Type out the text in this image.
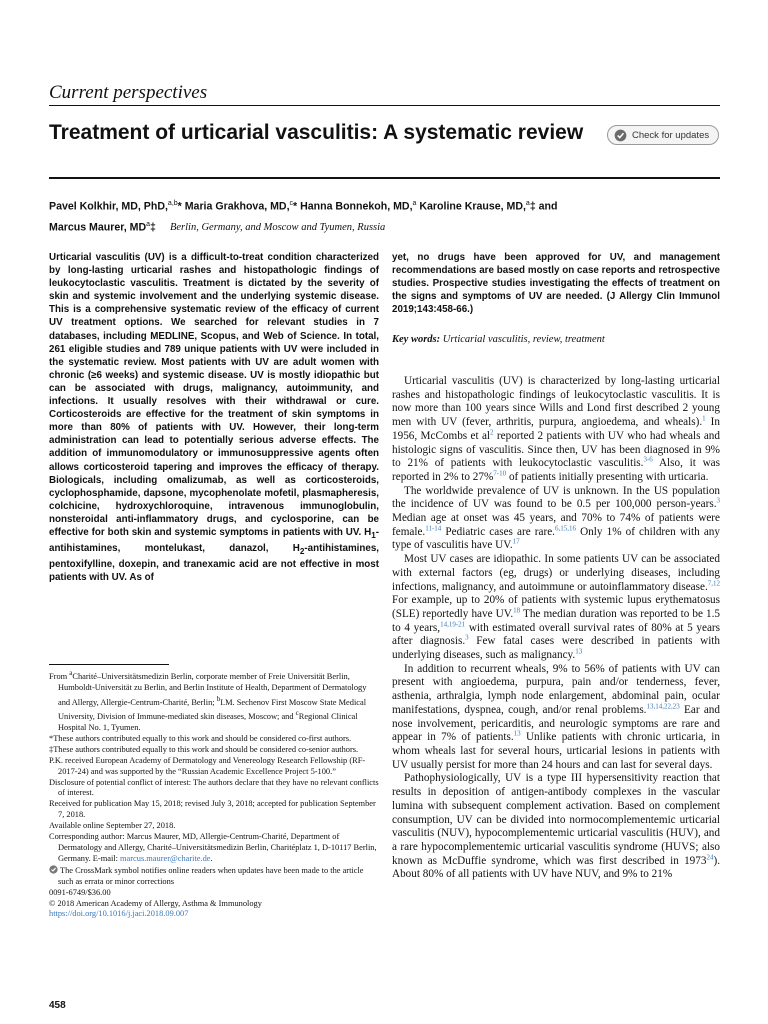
Current perspectives
Treatment of urticarial vasculitis: A systematic review	Check for updates
Pavel Kolkhir, MD, PhD,$^{a,b}$* Maria Grakhova, MD,$^c$* Hanna Bonnekoh, MD,$^a$ Karoline Krause, MD,$^a$‡ and
Marcus Maurer, $MD^a\ddagger$ Berlin, Germany, and Moscow and Tyumen, Russia
Urticarial vasculitis (UV) is a difficult-to-treat condition characterized by long-lasting urticarial rashes and histopathologic findings of leukocytoclastic vasculitis. Treatment is dictated by the severity of skin and systemic involvement and the underlying systemic disease. This is a comprehensive systematic review of the efficacy of current UV treatment options. We searched for relevant studies in 7 databases, including MEDLINE, Scopus, and Web of Science. In total, 261 eligible studies and 789 unique patients with UV were included in the systematic review. Most patients with UV are adult women with chronic (≥6 weeks) and systemic disease. UV is mostly idiopathic but can be associated with drugs, malignancy, autoimmunity, and infections. It usually resolves with their withdrawal or cure. Corticosteroids are effective for the treatment of skin symptoms in more than 80% of patients with UV. However, their long-term administration can lead to potentially serious adverse effects. The addition of immunomodulatory or immunosuppressive agents often allows corticosteroid tapering and improves the efficacy of therapy. Biologicals, including omalizumab, as well as corticosteroids, cyclophosphamide, dapsone, mycophenolate mofetil, plasmapheresis, colchicine, hydroxychloroquine, intravenous immunoglobulin, nonsteroidal anti-inflammatory drugs, and cyclosporine, can be effective for both skin and systemic symptoms in patients with UV. $H_1$-antihistamines, montelukast, danazol, $H_2$-antihistamines, pentoxifylline, doxepin, and tranexamic acid are not effective in most patients with UV. As of
yet, no drugs have been approved for UV, and management recommendations are based mostly on case reports and retrospective studies. Prospective studies investigating the effects of treatment on the signs and symptoms of UV are needed. (J Allergy Clin Immunol 2019;143:458-66.)
Key words: Urticarial vasculitis, review, treatment

Urticarial vasculitis (UV) is characterized by long-lasting urticarial rashes and histopathologic findings of leukocytoclastic vasculitis. It is now more than 100 years since Wills and Lond first described 2 young men with UV (fever, arthritis, purpura, angioedema, and wheals).$^1$ In 1956, McCombs et al$^2$ reported 2 patients with UV who had wheals and histologic signs of vasculitis. Since then, UV has been diagnosed in 9% to 21% of patients with leukocytoclastic vasculitis.$^{3-6}$ Also, it was reported in 2% to 27%$^{7-10}$ of patients initially presenting with urticaria.

The worldwide prevalence of UV is unknown. In the US population the incidence of UV was found to be 0.5 per 100,000 person-years.$^3$ Median age at onset was 45 years, and 70% to 74% of patients were female.$^{11-14}$ Pediatric cases are rare.$^{6,15,16}$ Only 1% of children with any type of vasculitis have UV.$^{17}$

Most UV cases are idiopathic. In some patients UV can be associated with external factors (eg, drugs) or underlying diseases, including infections, malignancy, and autoimmune or autoinflammatory disease.$^{7,12}$ For example, up to 20% of patients with systemic lupus erythematosus (SLE) reportedly have UV.$^{18}$ The median duration was reported to be 1.5 to 4 years,$^{14,19-21}$ with estimated overall survival rates of 80% at 5 years after diagnosis.$^3$ Few fatal cases were described in patients with underlying diseases, such as malignancy.$^{13}$

In addition to recurrent wheals, 9% to 56% of patients with UV can present with angioedema, purpura, pain and/or tenderness, fever, asthenia, arthralgia, lymph node enlargement, abdominal pain, ocular manifestations, dyspnea, cough, and/or renal problems.$^{13,14,22,23}$ Ear and nose involvement, pericarditis, and neurologic symptoms are rare and appear in 7% of patients.$^{13}$ Unlike patients with chronic urticaria, in whom wheals last for several hours, urticarial lesions in patients with UV usually persist for more than 24 hours and can last for several days.

Pathophysiologically, UV is a type III hypersensitivity reaction that results in deposition of antigen-antibody complexes in the vascular lumina with subsequent complement activation. Based on complement consumption, UV can be divided into normocomplementemic urticarial vasculitis (NUV), hypocomplementemic urticarial vasculitis (HUV), and a rare hypocomplementemic urticarial vasculitis syndrome (HUVS; also known as McDuffie syndrome, which was first described in 1973$^{24}$). About 80% of all patients with UV have NUV, and 9% to 21%

From $^a$Charité–Universitätsmedizin Berlin, corporate member of Freie Universität Berlin, Humboldt-Universität zu Berlin, and Berlin Institute of Health, Department of Dermatology and Allergy, Allergie-Centrum-Charité, Berlin; $^b$I.M. Sechenov First Moscow State Medical University, Division of Immune-mediated skin diseases, Moscow; and $^c$Regional Clinical Hospital No. 1, Tyumen.

*These authors contributed equally to this work and should be considered co-first authors.

‡These authors contributed equally to this work and should be considered co-senior authors.

P.K. received European Academy of Dermatology and Venereology Research Fellowship (RF-2017-24) and was supported by the “Russian Academic Excellence Project 5-100.”

Disclosure of potential conflict of interest: The authors declare that they have no relevant conflicts of interest.

Received for publication May 15, 2018; revised July 3, 2018; accepted for publication September 7, 2018.

Available online September 27, 2018.

Corresponding author: Marcus Maurer, MD, Allergie-Centrum-Charité, Department of Dermatology and Allergy, Charité–Universitätsmedizin Berlin, Charitéplatz 1, D-10117 Berlin, Germany. E-mail: marcus.maurer@charite.de.

The CrossMark symbol notifies online readers when updates have been made to the article such as errata or minor corrections

0091-6749/$36.00

© 2018 American Academy of Allergy, Asthma & Immunology

https://doi.org/10.1016/j.jaci.2018.09.007

458
